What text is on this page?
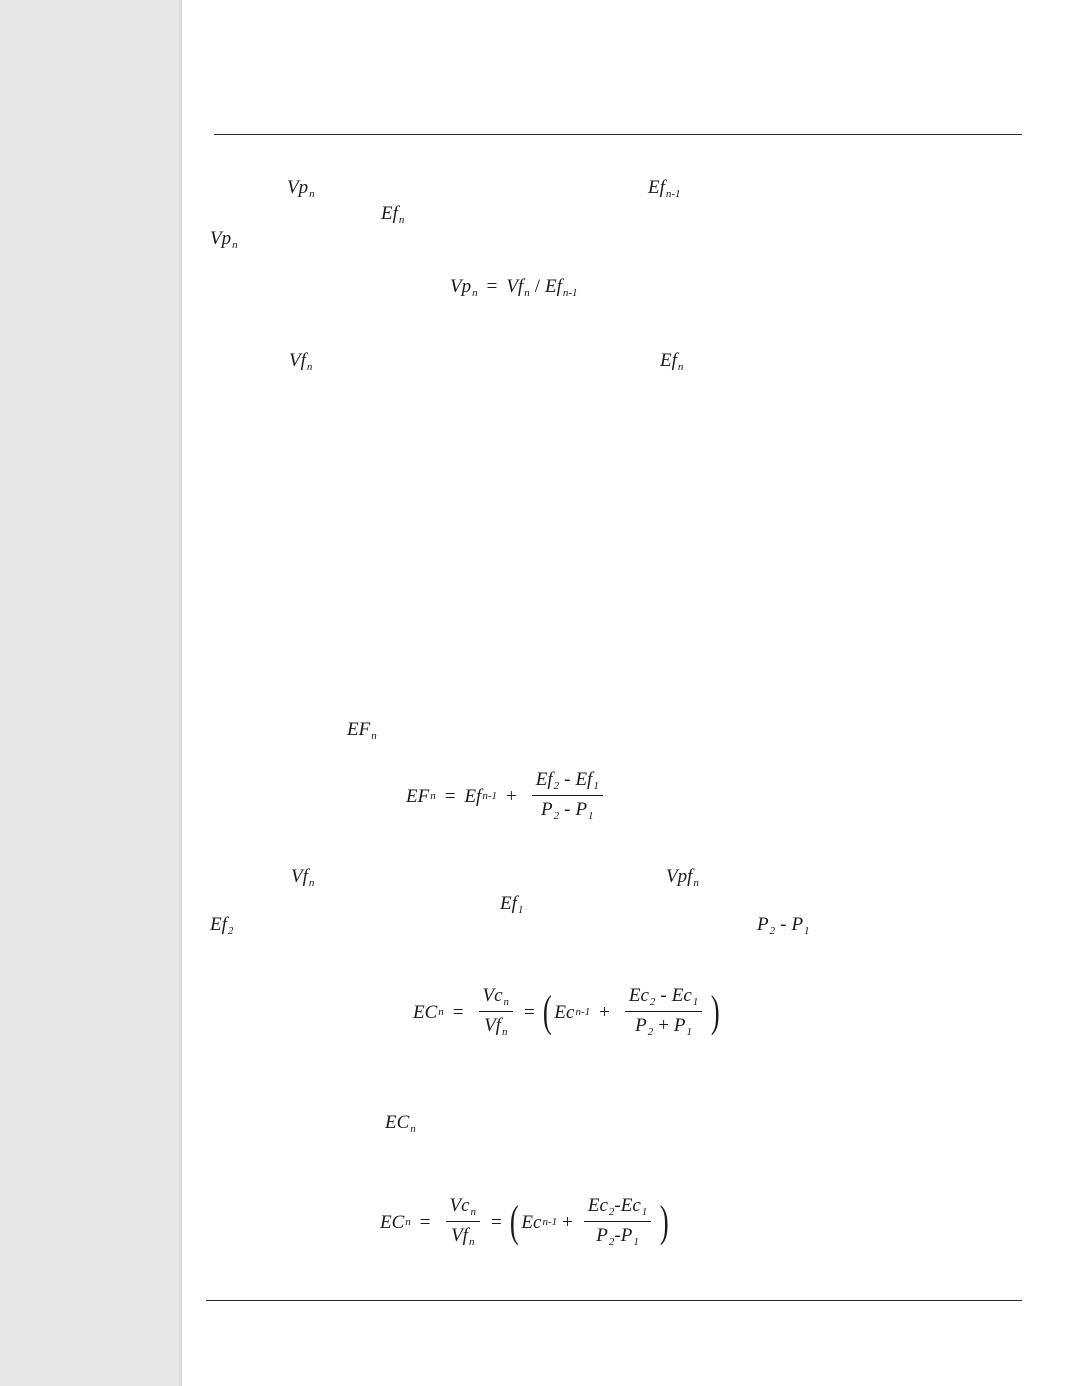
$Vp_n$	$Ef_{n-1}$
$Ef_n$
$Vp_n$
$Vp_n = Vf_n / Ef_{n-1}$
$Vf_n$	$Ef_n$
$EF_n$
EF n = Ef $n-1 + \frac{Ef_2 - Ef_1}{P_2 - P_1}$
$Vf_n$	Vpf$_n$
$Ef_1$
$Ef_2$	$P_2 - P_1$
EC $n = \frac{Vc_n}{Vf_n}$ = ( Ec $n-1 + \frac{Ec_2 - Ec_1}{P_2 + P_1}$ )
$EC_n$
EC $n = \frac{Vc_n}{Vf_n}$ = ( Ec $n-1 + \frac{Ec_2-Ec_1}{P_2-P_1}$ )
